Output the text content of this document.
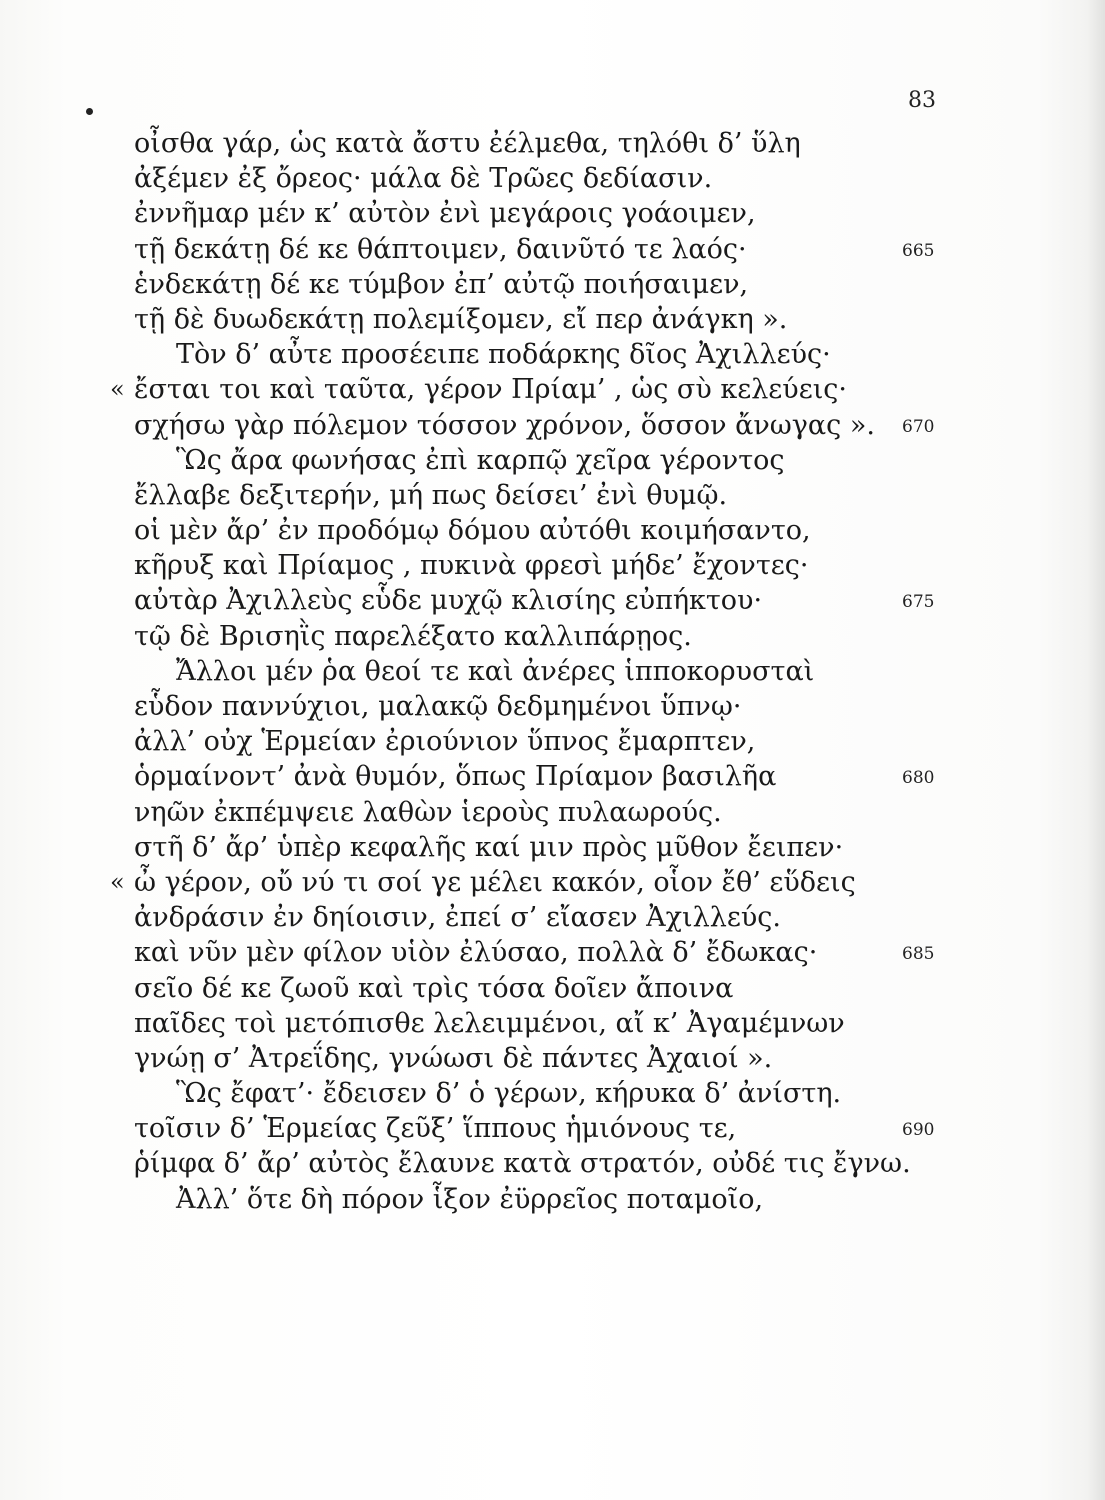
83
οἶσθα γάρ, ὡς κατὰ ἄστυ ἐέλμεθα, τηλόθι δ’ ὕλη
ἀξέμεν ἐξ ὄρεος· μάλα δὲ Τρῶες δεδίασιν.
ἐννῆμαρ μέν κ’ αὐτὸν ἐνὶ μεγάροις γοάοιμεν,
τῇ δεκάτῃ δέ κε θάπτοιμεν, δαινῦτό τε λαός·	665
ἑνδεκάτῃ δέ κε τύμβον ἐπ’ αὐτῷ ποιήσαιμεν,
τῇ δὲ δυωδεκάτῃ πολεμίξομεν, εἴ περ ἀνάγκη ».
Τὸν δ’ αὖτε προσέειπε ποδάρκης δῖος Ἀχιλλεύς·
« ἔσται τοι καὶ ταῦτα, γέρον Πρίαμ’ , ὡς σὺ κελεύεις·
σχήσω γὰρ πόλεμον τόσσον χρόνον, ὅσσον ἄνωγας ». 670
Ὣς ἄρα φωνήσας ἐπὶ καρπῷ χεῖρα γέροντος
ἔλλαβε δεξιτερήν, μή πως δείσει’ ἐνὶ θυμῷ.
οἱ μὲν ἄρ’ ἐν προδόμῳ δόμου αὐτόθι κοιμήσαντο,
κῆρυξ καὶ Πρίαμος , πυκινὰ φρεσὶ μήδε’ ἔχοντες·
αὐτὰρ Ἀχιλλεὺς εὗδε μυχῷ κλισίης εὐπήκτου·	675
τῷ δὲ Βρισηῒς παρελέξατο καλλιπάρῃος.
Ἄλλοι μέν ῥα θεοί τε καὶ ἀνέρες ἱπποκορυσταὶ
εὗδον παννύχιοι, μαλακῷ δεδμημένοι ὕπνῳ·
ἀλλ’ οὐχ Ἑρμείαν ἐριούνιον ὕπνος ἔμαρπτεν,
ὁρμαίνοντ’ ἀνὰ θυμόν, ὅπως Πρίαμον βασιλῆα	680
νηῶν ἐκπέμψειε λαθὼν ἱεροὺς πυλαωρούς.
στῆ δ’ ἄρ’ ὑπὲρ κεφαλῆς καί μιν πρὸς μῦθον ἔειπεν·
« ὦ γέρον, οὔ νύ τι σοί γε μέλει κακόν, οἷον ἔθ’ εὕδεις
ἀνδράσιν ἐν δηίοισιν, ἐπεί σ’ εἴασεν Ἀχιλλεύς.
καὶ νῦν μὲν φίλον υἱὸν ἐλύσαο, πολλὰ δ’ ἔδωκας·	685
σεῖο δέ κε ζωοῦ καὶ τρὶς τόσα δοῖεν ἄποινα
παῖδες τοὶ μετόπισθε λελειμμένοι, αἴ κ’ Ἀγαμέμνων
γνώῃ σ’ Ἀτρεΐδης, γνώωσι δὲ πάντες Ἀχαιοί ».
Ὣς ἔφατ’· ἔδεισεν δ’ ὁ γέρων, κήρυκα δ’ ἀνίστη.
τοῖσιν δ’ Ἑρμείας ζεῦξ’ ἵππους ἡμιόνους τε,	690
ῥίμφα δ’ ἄρ’ αὐτὸς ἔλαυνε κατὰ στρατόν, οὐδέ τις ἔγνω.
Ἀλλ’ ὅτε δὴ πόρον ἷξον ἐϋρρεῖος ποταμοῖο,
